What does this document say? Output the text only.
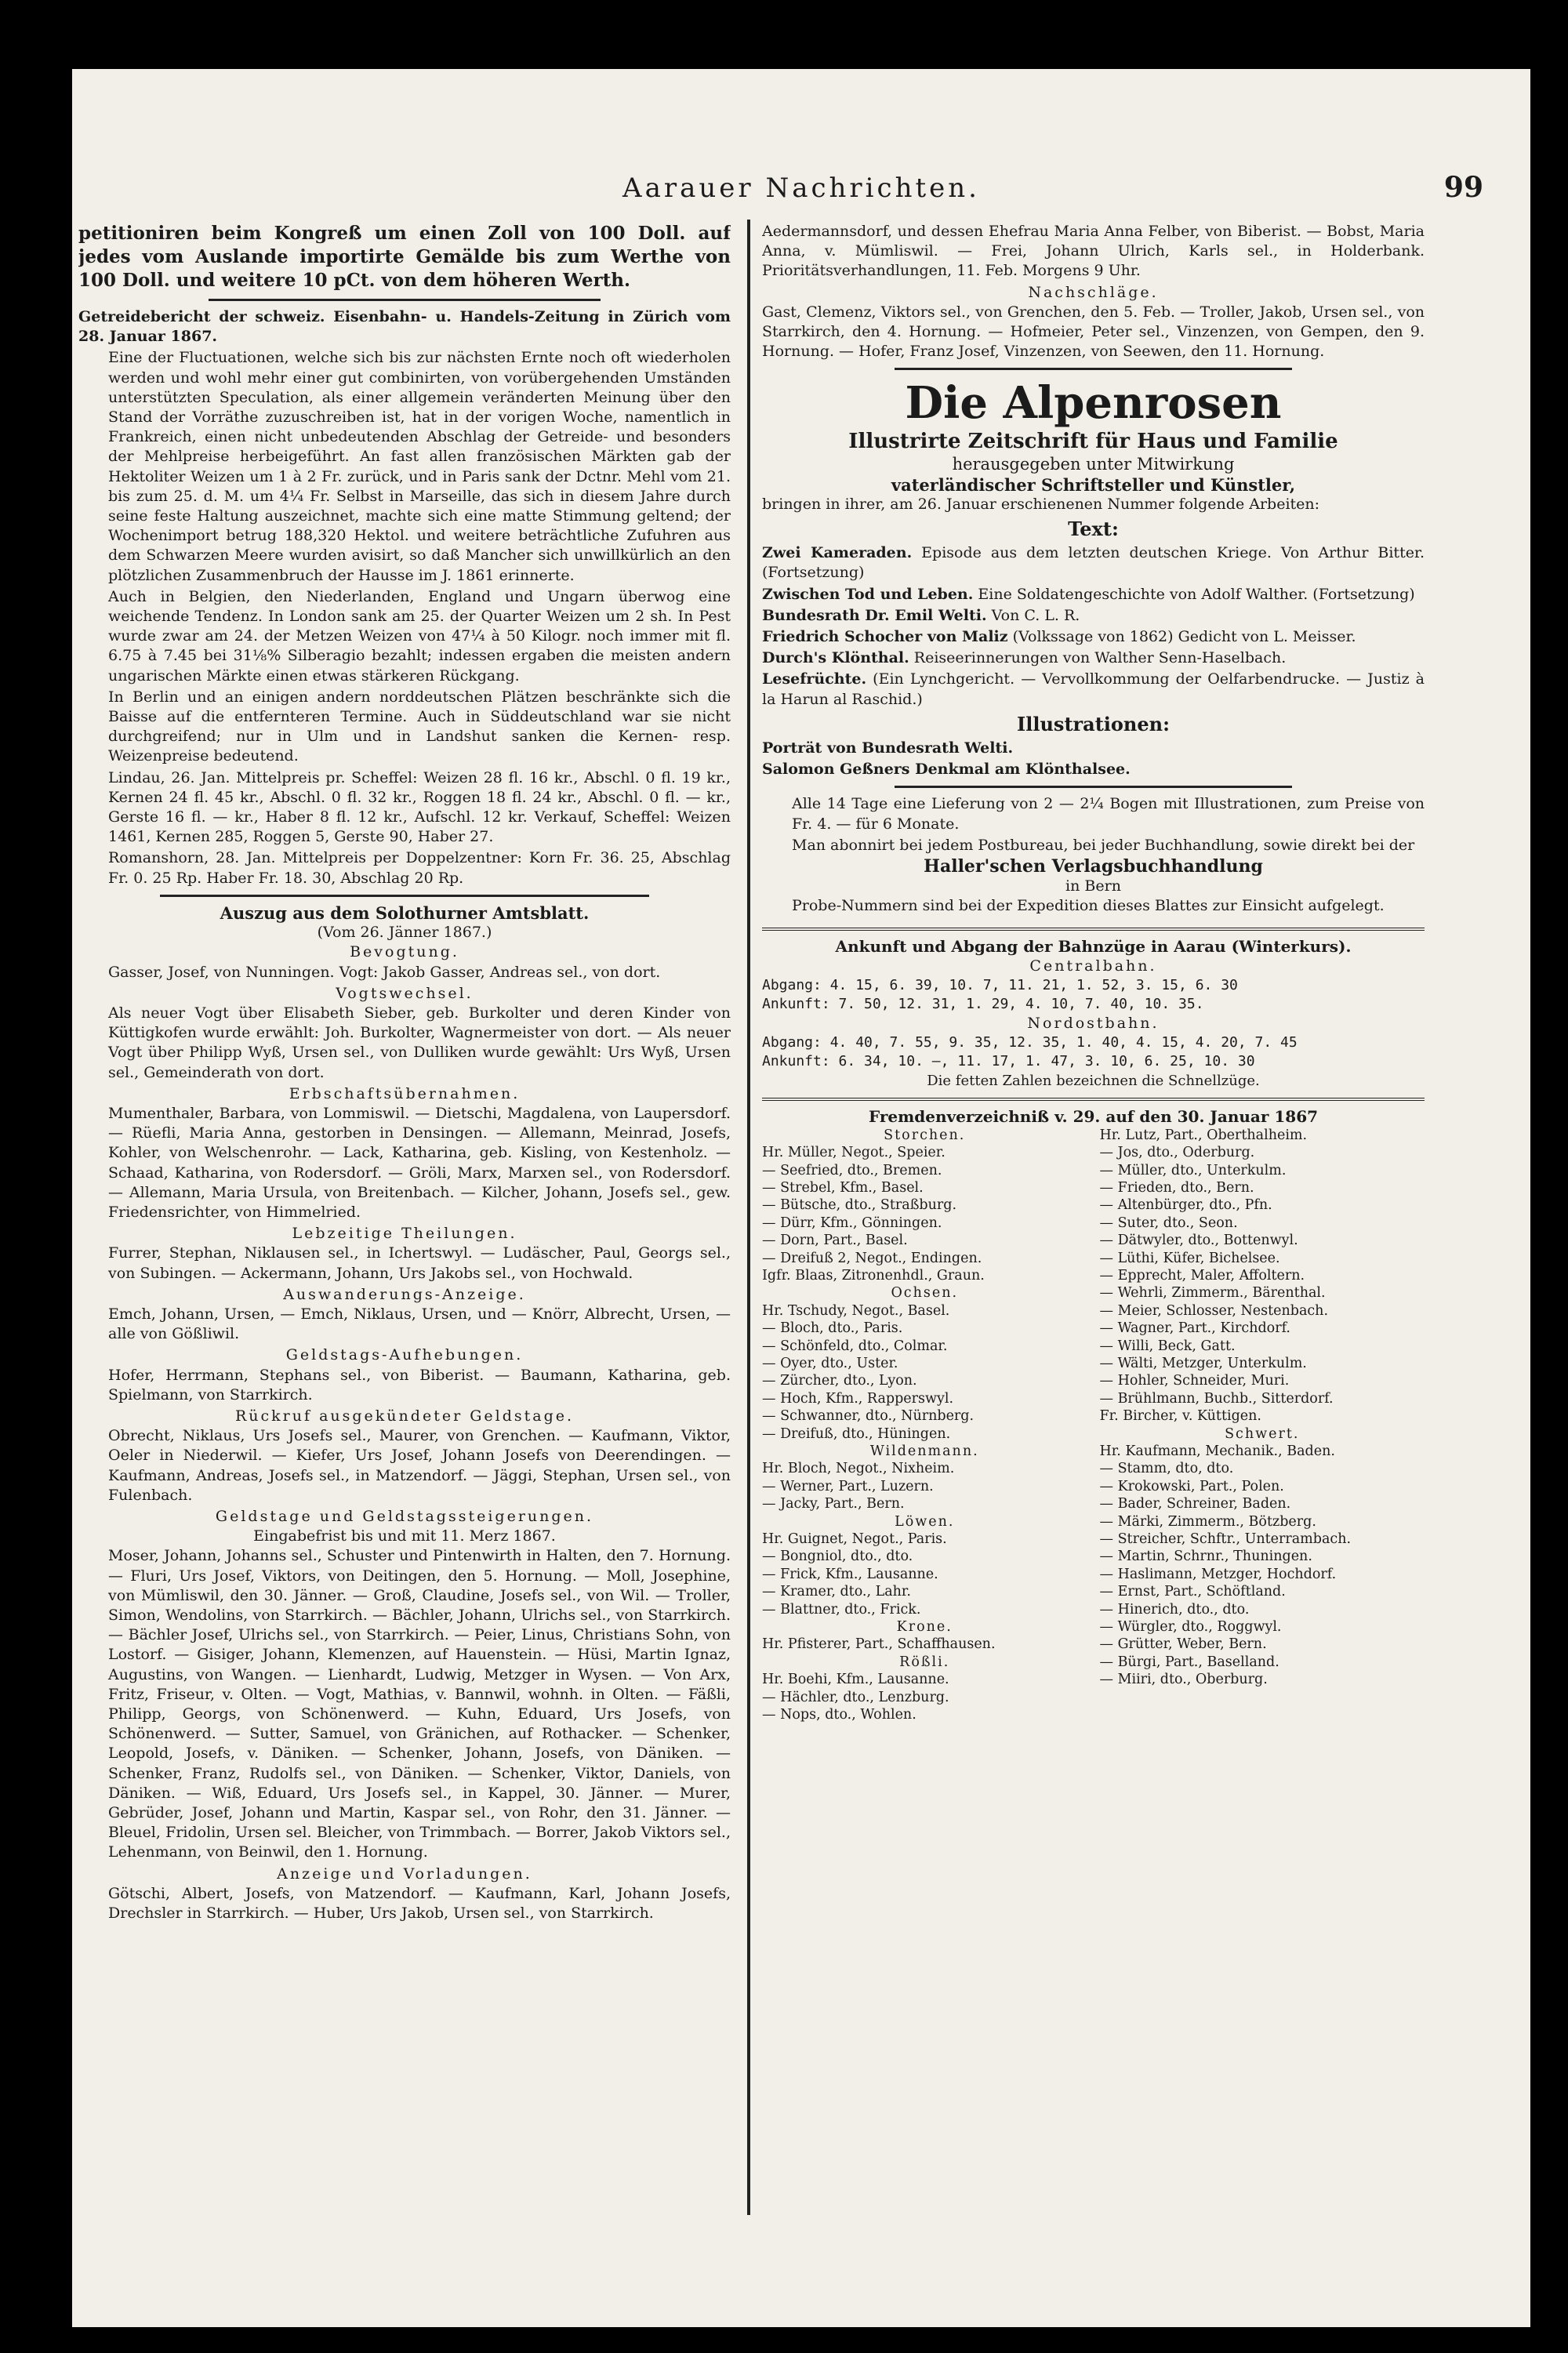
Aarauer Nachrichten.	99

petitioniren beim Kongreß um einen Zoll von 100 Doll. auf jedes vom Auslande importirte Gemälde bis zum Werthe von 100 Doll. und weitere 10 pCt. von dem höheren Werth.

Getreidebericht der schweiz. Eisenbahn- u. Handels-Zeitung in Zürich vom 28. Januar 1867.

Eine der Fluctuationen, welche sich bis zur nächsten Ernte noch oft wiederholen werden und wohl mehr einer gut combinirten, von vorübergehenden Umständen unterstützten Speculation, als einer allgemein veränderten Meinung über den Stand der Vorräthe zuzuschreiben ist, hat in der vorigen Woche, namentlich in Frankreich, einen nicht unbedeutenden Abschlag der Getreide- und besonders der Mehlpreise herbeigeführt. An fast allen französischen Märkten gab der Hektoliter Weizen um 1 à 2 Fr. zurück, und in Paris sank der Dctnr. Mehl vom 21. bis zum 25. d. M. um 4¼ Fr. Selbst in Marseille, das sich in diesem Jahre durch seine feste Haltung auszeichnet, machte sich eine matte Stimmung geltend; der Wochenimport betrug 188,320 Hektol. und weitere beträchtliche Zufuhren aus dem Schwarzen Meere wurden avisirt, so daß Mancher sich unwillkürlich an den plötzlichen Zusammenbruch der Hausse im J. 1861 erinnerte.

Auch in Belgien, den Niederlanden, England und Ungarn überwog eine weichende Tendenz. In London sank am 25. der Quarter Weizen um 2 sh. In Pest wurde zwar am 24. der Metzen Weizen von 47¼ à 50 Kilogr. noch immer mit fl. 6.75 à 7.45 bei 31⅛% Silberagio bezahlt; indessen ergaben die meisten andern ungarischen Märkte einen etwas stärkeren Rückgang.

In Berlin und an einigen andern norddeutschen Plätzen beschränkte sich die Baisse auf die entfernteren Termine. Auch in Süddeutschland war sie nicht durchgreifend; nur in Ulm und in Landshut sanken die Kernen- resp. Weizenpreise bedeutend.

Lindau, 26. Jan. Mittelpreis pr. Scheffel: Weizen 28 fl. 16 kr., Abschl. 0 fl. 19 kr., Kernen 24 fl. 45 kr., Abschl. 0 fl. 32 kr., Roggen 18 fl. 24 kr., Abschl. 0 fl. — kr., Gerste 16 fl. — kr., Haber 8 fl. 12 kr., Aufschl. 12 kr. Verkauf, Scheffel: Weizen 1461, Kernen 285, Roggen 5, Gerste 90, Haber 27.

Romanshorn, 28. Jan. Mittelpreis per Doppelzentner: Korn Fr. 36. 25, Abschlag Fr. 0. 25 Rp. Haber Fr. 18. 30, Abschlag 20 Rp.

Auszug aus dem Solothurner Amtsblatt.
(Vom 26. Jänner 1867.)
Bevogtung.

Gasser, Josef, von Nunningen. Vogt: Jakob Gasser, Andreas sel., von dort.

Vogtswechsel.

Als neuer Vogt über Elisabeth Sieber, geb. Burkolter und deren Kinder von Küttigkofen wurde erwählt: Joh. Burkolter, Wagnermeister von dort. — Als neuer Vogt über Philipp Wyß, Ursen sel., von Dulliken wurde gewählt: Urs Wyß, Ursen sel., Gemeinderath von dort.

Erbschaftsübernahmen.

Mumenthaler, Barbara, von Lommiswil. — Dietschi, Magdalena, von Laupersdorf. — Rüefli, Maria Anna, gestorben in Densingen. — Allemann, Meinrad, Josefs, Kohler, von Welschenrohr. — Lack, Katharina, geb. Kisling, von Kestenholz. — Schaad, Katharina, von Rodersdorf. — Gröli, Marx, Marxen sel., von Rodersdorf. — Allemann, Maria Ursula, von Breitenbach. — Kilcher, Johann, Josefs sel., gew. Friedensrichter, von Himmelried.

Lebzeitige Theilungen.

Furrer, Stephan, Niklausen sel., in Ichertswyl. — Ludäscher, Paul, Georgs sel., von Subingen. — Ackermann, Johann, Urs Jakobs sel., von Hochwald.

Auswanderungs-Anzeige.

Emch, Johann, Ursen, — Emch, Niklaus, Ursen, und — Knörr, Albrecht, Ursen, — alle von Gößliwil.

Geldstags-Aufhebungen.

Hofer, Herrmann, Stephans sel., von Biberist. — Baumann, Katharina, geb. Spielmann, von Starrkirch.

Rückruf ausgekündeter Geldstage.

Obrecht, Niklaus, Urs Josefs sel., Maurer, von Grenchen. — Kaufmann, Viktor, Oeler in Niederwil. — Kiefer, Urs Josef, Johann Josefs von Deerendingen. — Kaufmann, Andreas, Josefs sel., in Matzendorf. — Jäggi, Stephan, Ursen sel., von Fulenbach.

Geldstage und Geldstagssteigerungen.
Eingabefrist bis und mit 11. Merz 1867.

Moser, Johann, Johanns sel., Schuster und Pintenwirth in Halten, den 7. Hornung. — Fluri, Urs Josef, Viktors, von Deitingen, den 5. Hornung. — Moll, Josephine, von Mümliswil, den 30. Jänner. — Groß, Claudine, Josefs sel., von Wil. — Troller, Simon, Wendolins, von Starrkirch. — Bächler, Johann, Ulrichs sel., von Starrkirch. — Bächler Josef, Ulrichs sel., von Starrkirch. — Peier, Linus, Christians Sohn, von Lostorf. — Gisiger, Johann, Klemenzen, auf Hauenstein. — Hüsi, Martin Ignaz, Augustins, von Wangen. — Lienhardt, Ludwig, Metzger in Wysen. — Von Arx, Fritz, Friseur, v. Olten. — Vogt, Mathias, v. Bannwil, wohnh. in Olten. — Fäßli, Philipp, Georgs, von Schönenwerd. — Kuhn, Eduard, Urs Josefs, von Schönenwerd. — Sutter, Samuel, von Gränichen, auf Rothacker. — Schenker, Leopold, Josefs, v. Däniken. — Schenker, Johann, Josefs, von Däniken. — Schenker, Franz, Rudolfs sel., von Däniken. — Schenker, Viktor, Daniels, von Däniken. — Wiß, Eduard, Urs Josefs sel., in Kappel, 30. Jänner. — Murer, Gebrüder, Josef, Johann und Martin, Kaspar sel., von Rohr, den 31. Jänner. — Bleuel, Fridolin, Ursen sel. Bleicher, von Trimmbach. — Borrer, Jakob Viktors sel., Lehenmann, von Beinwil, den 1. Hornung.

Anzeige und Vorladungen.

Götschi, Albert, Josefs, von Matzendorf. — Kaufmann, Karl, Johann Josefs, Drechsler in Starrkirch. — Huber, Urs Jakob, Ursen sel., von Starrkirch.

Aedermannsdorf, und dessen Ehefrau Maria Anna Felber, von Biberist. — Bobst, Maria Anna, v. Mümliswil. — Frei, Johann Ulrich, Karls sel., in Holderbank. Prioritätsverhandlungen, 11. Feb. Morgens 9 Uhr.

Nachschläge.

Gast, Clemenz, Viktors sel., von Grenchen, den 5. Feb. — Troller, Jakob, Ursen sel., von Starrkirch, den 4. Hornung. — Hofmeier, Peter sel., Vinzenzen, von Gempen, den 9. Hornung. — Hofer, Franz Josef, Vinzenzen, von Seewen, den 11. Hornung.

Die Alpenrosen
Illustrirte Zeitschrift für Haus und Familie
herausgegeben unter Mitwirkung
vaterländischer Schriftsteller und Künstler,

bringen in ihrer, am 26. Januar erschienenen Nummer folgende Arbeiten:

Text:

Zwei Kameraden. Episode aus dem letzten deutschen Kriege. Von Arthur Bitter. (Fortsetzung)

Zwischen Tod und Leben. Eine Soldatengeschichte von Adolf Walther. (Fortsetzung)

Bundesrath Dr. Emil Welti. Von C. L. R.

Friedrich Schocher von Maliz (Volkssage von 1862) Gedicht von L. Meisser.

Durch's Klönthal. Reiseerinnerungen von Walther Senn-Haselbach.

Lesefrüchte. (Ein Lynchgericht. — Vervollkommung der Oelfarbendrucke. — Justiz à la Harun al Raschid.)

Illustrationen:

Porträt von Bundesrath Welti.

Salomon Geßners Denkmal am Klönthalsee.

Alle 14 Tage eine Lieferung von 2 — 2¼ Bogen mit Illustrationen, zum Preise von Fr. 4. — für 6 Monate.

Man abonnirt bei jedem Postbureau, bei jeder Buchhandlung, sowie direkt bei der

Haller'schen Verlagsbuchhandlung
in Bern

Probe-Nummern sind bei der Expedition dieses Blattes zur Einsicht aufgelegt.

Ankunft und Abgang der Bahnzüge in Aarau (Winterkurs).
Centralbahn.
Abgang: 4. 15, 6. 39, 10. 7, 11. 21, 1. 52, 3. 15, 6. 30
Ankunft: 7. 50, 12. 31, 1. 29, 4. 10, 7. 40, 10. 35.
Nordostbahn.
Abgang: 4. 40, 7. 55, 9. 35, 12. 35, 1. 40, 4. 15, 4. 20, 7. 45
Ankunft: 6. 34, 10. —, 11. 17, 1. 47, 3. 10, 6. 25, 10. 30
Die fetten Zahlen bezeichnen die Schnellzüge.
Fremdenverzeichniß v. 29. auf den 30. Januar 1867
Storchen.
Hr. Müller, Negot., Speier.
— Seefried, dto., Bremen.
— Strebel, Kfm., Basel.
— Bütsche, dto., Straßburg.
— Dürr, Kfm., Gönningen.
— Dorn, Part., Basel.
— Dreifuß 2, Negot., Endingen.
Igfr. Blaas, Zitronenhdl., Graun.
Ochsen.
Hr. Tschudy, Negot., Basel.
— Bloch, dto., Paris.
— Schönfeld, dto., Colmar.
— Oyer, dto., Uster.
— Zürcher, dto., Lyon.
— Hoch, Kfm., Rapperswyl.
— Schwanner, dto., Nürnberg.
— Dreifuß, dto., Hüningen.
Wildenmann.
Hr. Bloch, Negot., Nixheim.
— Werner, Part., Luzern.
— Jacky, Part., Bern.
Löwen.
Hr. Guignet, Negot., Paris.
— Bongniol, dto., dto.
— Frick, Kfm., Lausanne.
— Kramer, dto., Lahr.
— Blattner, dto., Frick.
Krone.
Hr. Pfisterer, Part., Schaffhausen.
Rößli.
Hr. Boehi, Kfm., Lausanne.
— Hächler, dto., Lenzburg.
— Nops, dto., Wohlen.
Hr. Lutz, Part., Oberthalheim.
— Jos, dto., Oderburg.
— Müller, dto., Unterkulm.
— Frieden, dto., Bern.
— Altenbürger, dto., Pfn.
— Suter, dto., Seon.
— Dätwyler, dto., Bottenwyl.
— Lüthi, Küfer, Bichelsee.
— Epprecht, Maler, Affoltern.
— Wehrli, Zimmerm., Bärenthal.
— Meier, Schlosser, Nestenbach.
— Wagner, Part., Kirchdorf.
— Willi, Beck, Gatt.
— Wälti, Metzger, Unterkulm.
— Hohler, Schneider, Muri.
— Brühlmann, Buchb., Sitterdorf.
Fr. Bircher, v. Küttigen.
Schwert.
Hr. Kaufmann, Mechanik., Baden.
— Stamm, dto, dto.
— Krokowski, Part., Polen.
— Bader, Schreiner, Baden.
— Märki, Zimmerm., Bötzberg.
— Streicher, Schftr., Unterrambach.
— Martin, Schrnr., Thuningen.
— Haslimann, Metzger, Hochdorf.
— Ernst, Part., Schöftland.
— Hinerich, dto., dto.
— Würgler, dto., Roggwyl.
— Grütter, Weber, Bern.
— Bürgi, Part., Baselland.
— Miiri, dto., Oberburg.
